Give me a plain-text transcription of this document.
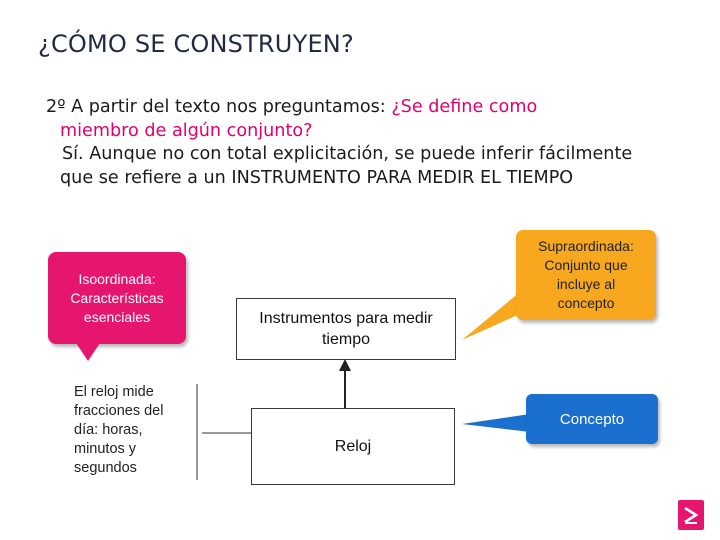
¿CÓMO SE CONSTRUYEN?
2º A partir del texto nos preguntamos: ¿Se define como
miembro de algún conjunto?
Sí. Aunque no con total explicitación, se puede inferir fácilmente
que se refiere a un INSTRUMENTO PARA MEDIR EL TIEMPO
Isoordinada:
Características
esenciales
Supraordinada:
Conjunto que
incluye al
concepto
Instrumentos para medir
tiempo
Reloj
Concepto
El reloj mide
fracciones del
día: horas,
minutos y
segundos
